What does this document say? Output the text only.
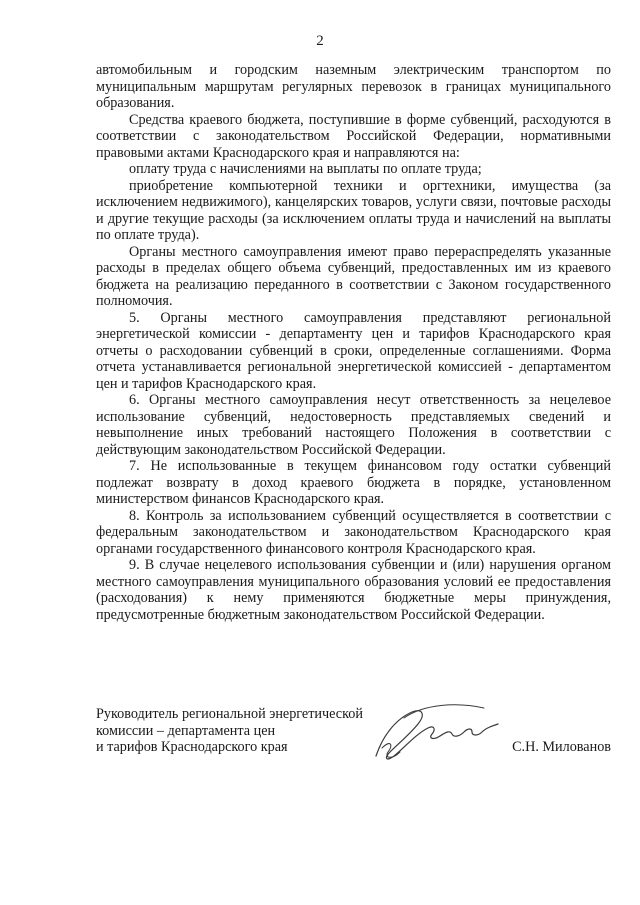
2

автомобильным и городским наземным электрическим транспортом по муниципальным маршрутам регулярных перевозок в границах муниципального образования.

Средства краевого бюджета, поступившие в форме субвенций, расходуются в соответствии с законодательством Российской Федерации, нормативными правовыми актами Краснодарского края и направляются на:

оплату труда с начислениями на выплаты по оплате труда;

приобретение компьютерной техники и оргтехники, имущества (за исключением недвижимого), канцелярских товаров, услуги связи, почтовые расходы и другие текущие расходы (за исключением оплаты труда и начислений на выплаты по оплате труда).

Органы местного самоуправления имеют право перераспределять указанные расходы в пределах общего объема субвенций, предоставленных им из краевого бюджета на реализацию переданного в соответствии с Законом государственного полномочия.

5. Органы местного самоуправления представляют региональной энергетической комиссии - департаменту цен и тарифов Краснодарского края отчеты о расходовании субвенций в сроки, определенные соглашениями. Форма отчета устанавливается региональной энергетической комиссией - департаментом цен и тарифов Краснодарского края.

6. Органы местного самоуправления несут ответственность за нецелевое использование субвенций, недостоверность представляемых сведений и невыполнение иных требований настоящего Положения в соответствии с действующим законодательством Российской Федерации.

7. Не использованные в текущем финансовом году остатки субвенций подлежат возврату в доход краевого бюджета в порядке, установленном министерством финансов Краснодарского края.

8. Контроль за использованием субвенций осуществляется в соответствии с федеральным законодательством и законодательством Краснодарского края органами государственного финансового контроля Краснодарского края.

9. В случае нецелевого использования субвенции и (или) нарушения органом местного самоуправления муниципального образования условий ее предоставления (расходования) к нему применяются бюджетные меры принуждения, предусмотренные бюджетным законодательством Российской Федерации.

Руководитель региональной энергетической
комиссии – департамента цен
и тарифов Краснодарского края	С.Н. Милованов
